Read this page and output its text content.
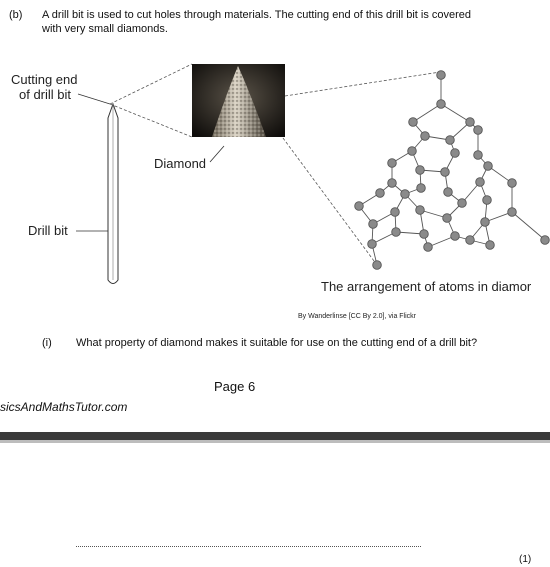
(b) A drill bit is used to cut holes through materials. The cutting end of this drill bit is covered
with very small diamonds.
Cutting end
of drill bit
Diamond
Drill bit
The arrangement of atoms in diamor
By Wanderlinse [CC By 2.0], via Flickr
(i) What property of diamond makes it suitable for use on the cutting end of a drill bit?
Page 6
sicsAndMathsTutor.com
(1)
